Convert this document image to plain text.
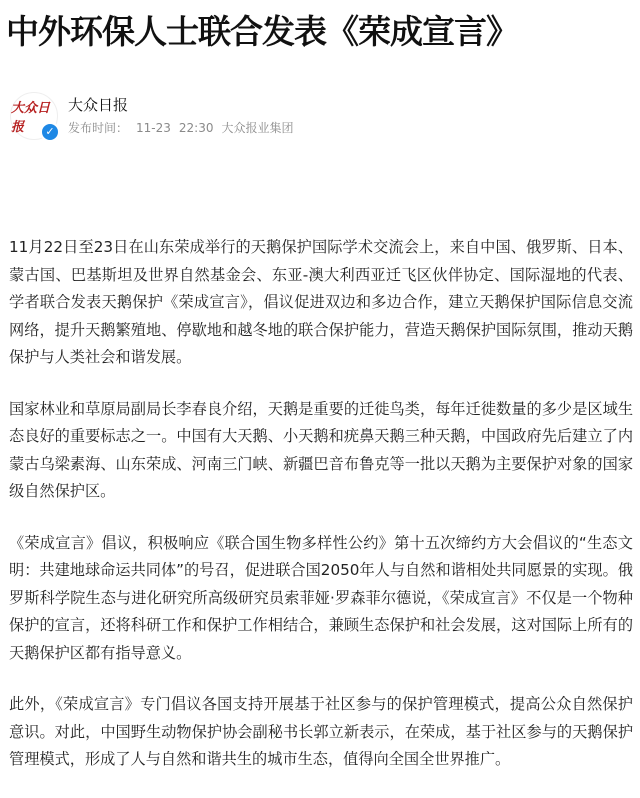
中外环保人士联合发表《荣成宣言》
大众日报	✓
大众日报
发布时间： 11-23 22:30 大众报业集团

11月22日至23日在山东荣成举行的天鹅保护国际学术交流会上，来自中国、俄罗斯、日本、蒙古国、巴基斯坦及世界自然基金会、东亚-澳大利西亚迁飞区伙伴协定、国际湿地的代表、学者联合发表天鹅保护《荣成宣言》，倡议促进双边和多边合作，建立天鹅保护国际信息交流网络，提升天鹅繁殖地、停歇地和越冬地的联合保护能力，营造天鹅保护国际氛围，推动天鹅保护与人类社会和谐发展。

国家林业和草原局副局长李春良介绍，天鹅是重要的迁徙鸟类，每年迁徙数量的多少是区域生态良好的重要标志之一。中国有大天鹅、小天鹅和疣鼻天鹅三种天鹅，中国政府先后建立了内蒙古乌梁素海、山东荣成、河南三门峡、新疆巴音布鲁克等一批以天鹅为主要保护对象的国家级自然保护区。

《荣成宣言》倡议，积极响应《联合国生物多样性公约》第十五次缔约方大会倡议的“生态文明：共建地球命运共同体”的号召，促进联合国2050年人与自然和谐相处共同愿景的实现。俄罗斯科学院生态与进化研究所高级研究员索菲娅·罗森菲尔德说，《荣成宣言》不仅是一个物种保护的宣言，还将科研工作和保护工作相结合，兼顾生态保护和社会发展，这对国际上所有的天鹅保护区都有指导意义。

此外，《荣成宣言》专门倡议各国支持开展基于社区参与的保护管理模式，提高公众自然保护意识。对此，中国野生动物保护协会副秘书长郭立新表示，在荣成，基于社区参与的天鹅保护管理模式，形成了人与自然和谐共生的城市生态，值得向全国全世界推广。
